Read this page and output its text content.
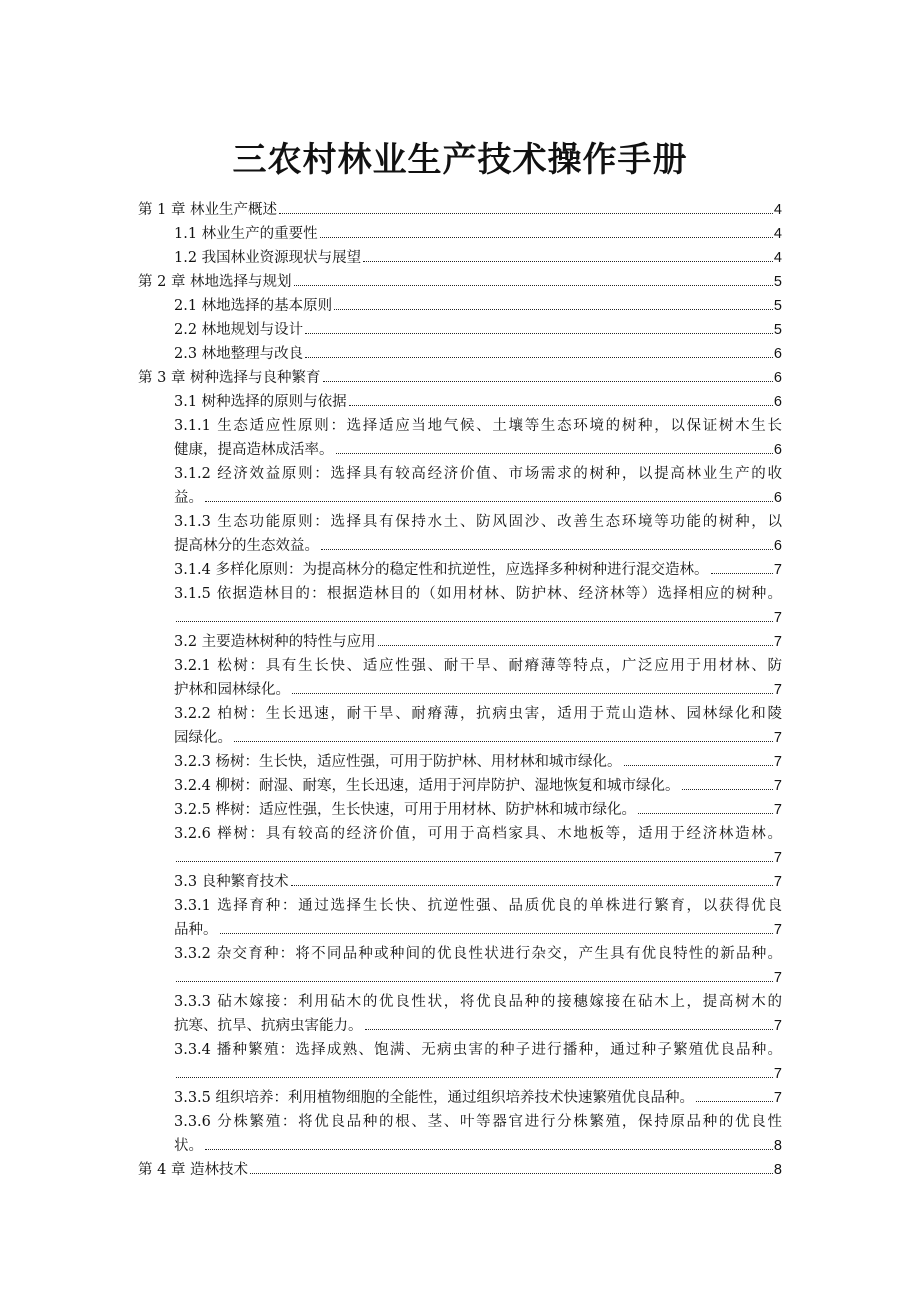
三农村林业生产技术操作手册
第 1 章 林业生产概述	4
1.1 林业生产的重要性	4
1.2 我国林业资源现状与展望	4
第 2 章 林地选择与规划	5
2.1 林地选择的基本原则	5
2.2 林地规划与设计	5
2.3 林地整理与改良	6
第 3 章 树种选择与良种繁育	6
3.1 树种选择的原则与依据	6
3.1.1 生态适应性原则：选择适应当地气候、土壤等生态环境的树种，以保证树木生长
健康，提高造林成活率。	6
3.1.2 经济效益原则：选择具有较高经济价值、市场需求的树种，以提高林业生产的收
益。	6
3.1.3 生态功能原则：选择具有保持水土、防风固沙、改善生态环境等功能的树种，以
提高林分的生态效益。	6
3.1.4 多样化原则：为提高林分的稳定性和抗逆性，应选择多种树种进行混交造林。	7
3.1.5 依据造林目的：根据造林目的（如用材林、防护林、经济林等）选择相应的树种。
7
3.2 主要造林树种的特性与应用	7
3.2.1 松树：具有生长快、适应性强、耐干旱、耐瘠薄等特点，广泛应用于用材林、防
护林和园林绿化。	7
3.2.2 柏树：生长迅速，耐干旱、耐瘠薄，抗病虫害，适用于荒山造林、园林绿化和陵
园绿化。	7
3.2.3 杨树：生长快，适应性强，可用于防护林、用材林和城市绿化。	7
3.2.4 柳树：耐湿、耐寒，生长迅速，适用于河岸防护、湿地恢复和城市绿化。	7
3.2.5 桦树：适应性强，生长快速，可用于用材林、防护林和城市绿化。	7
3.2.6 榉树：具有较高的经济价值，可用于高档家具、木地板等，适用于经济林造林。
7
3.3 良种繁育技术	7
3.3.1 选择育种：通过选择生长快、抗逆性强、品质优良的单株进行繁育，以获得优良
品种。	7
3.3.2 杂交育种：将不同品种或种间的优良性状进行杂交，产生具有优良特性的新品种。
7
3.3.3 砧木嫁接：利用砧木的优良性状，将优良品种的接穗嫁接在砧木上，提高树木的
抗寒、抗旱、抗病虫害能力。	7
3.3.4 播种繁殖：选择成熟、饱满、无病虫害的种子进行播种，通过种子繁殖优良品种。
7
3.3.5 组织培养：利用植物细胞的全能性，通过组织培养技术快速繁殖优良品种。	7
3.3.6 分株繁殖：将优良品种的根、茎、叶等器官进行分株繁殖，保持原品种的优良性
状。	8
第 4 章 造林技术	8
